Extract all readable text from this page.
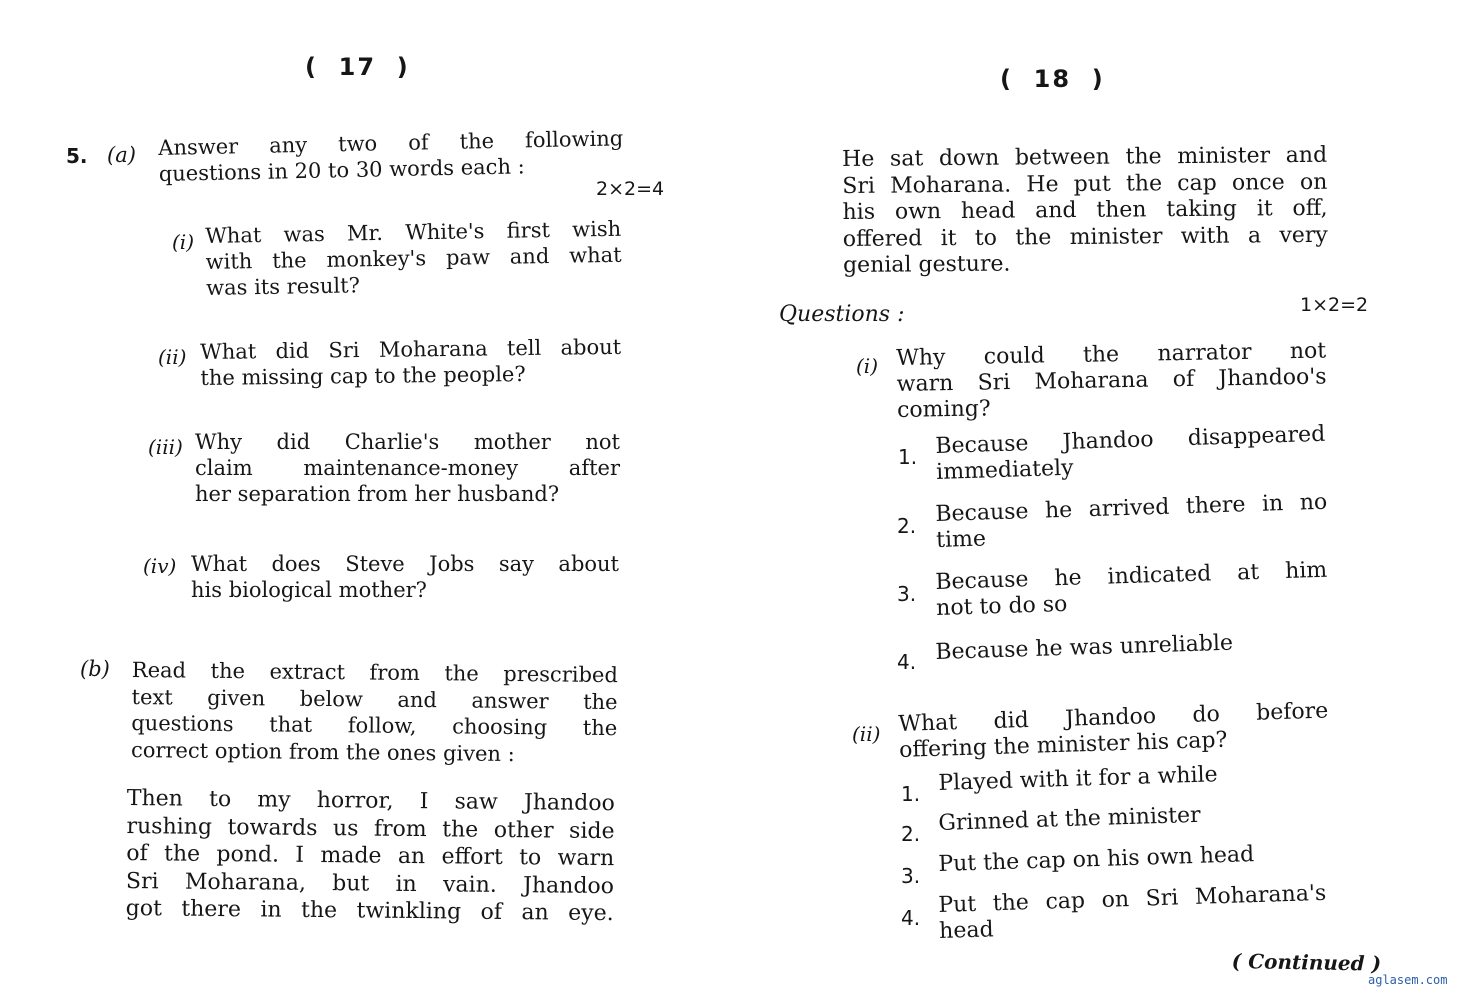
(  17  )
5. (a) Answer any two of the following
questions in 20 to 30 words each :
2×2=4
(i) What was Mr. White's first wish
with the monkey's paw and what
was its result?
(ii) What did Sri Moharana tell about
the missing cap to the people?
(iii) Why did Charlie's mother not
claim maintenance-money after
her separation from her husband?
(iv) What does Steve Jobs say about
his biological mother?
(b) Read the extract from the prescribed
text given below and answer the
questions that follow, choosing the
correct option from the ones given :
Then to my horror, I saw Jhandoo
rushing towards us from the other side
of the pond. I made an effort to warn
Sri Moharana, but in vain. Jhandoo
got there in the twinkling of an eye.
(  18  )
He sat down between the minister and
Sri Moharana. He put the cap once on
his own head and then taking it off,
offered it to the minister with a very
genial gesture.
Questions :	1×2=2
(i) Why could the narrator not
warn Sri Moharana of Jhandoo's
coming?
1. Because Jhandoo disappeared
immediately
2. Because he arrived there in no
time
3. Because he indicated at him
not to do so
4. Because he was unreliable
(ii) What did Jhandoo do before
offering the minister his cap?
1. Played with it for a while
2. Grinned at the minister
3. Put the cap on his own head
4.
Put the cap on Sri Moharana's
head
( Continued )
aglasem.com
